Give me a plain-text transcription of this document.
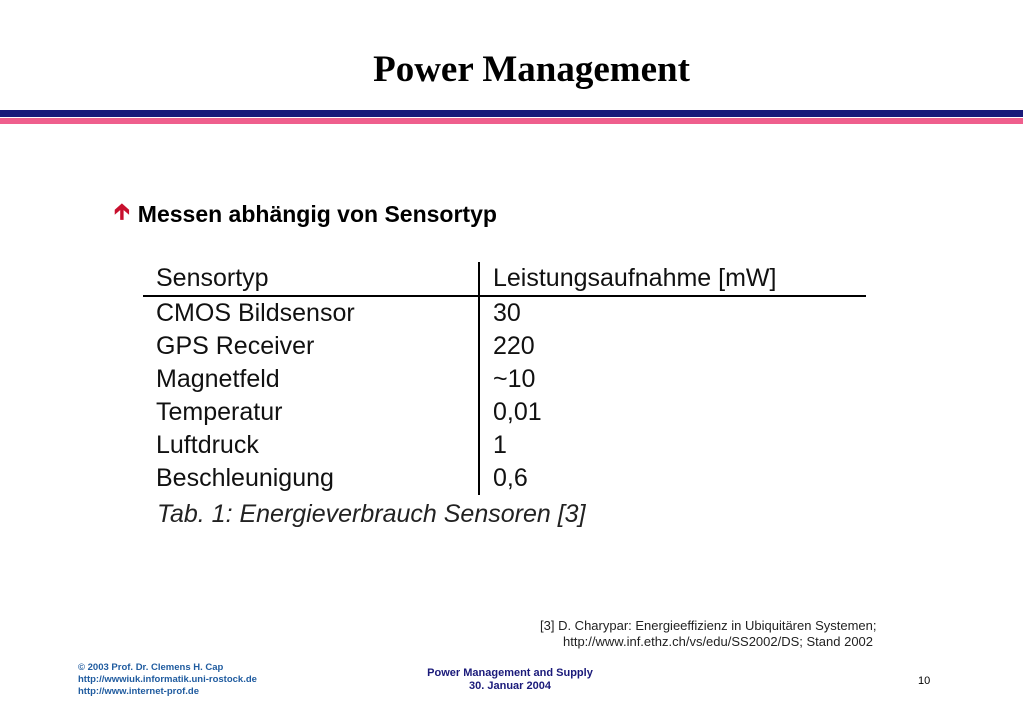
Power Management
🡱 Messen abhängig von Sensortyp
Sensortyp	Leistungsaufnahme [mW]
CMOS Bildsensor	30
GPS Receiver	220
Magnetfeld	~10
Temperatur	0,01
Luftdruck	1
Beschleunigung	0,6
Tab. 1: Energieverbrauch Sensoren [3]
[3] D. Charypar: Energieeffizienz in Ubiquitären Systemen;
http://www.inf.ethz.ch/vs/edu/SS2002/DS; Stand 2002
© 2003 Prof. Dr. Clemens H. Cap
http://wwwiuk.informatik.uni-rostock.de
http://www.internet-prof.de
Power Management and Supply
30. Januar 2004	10
